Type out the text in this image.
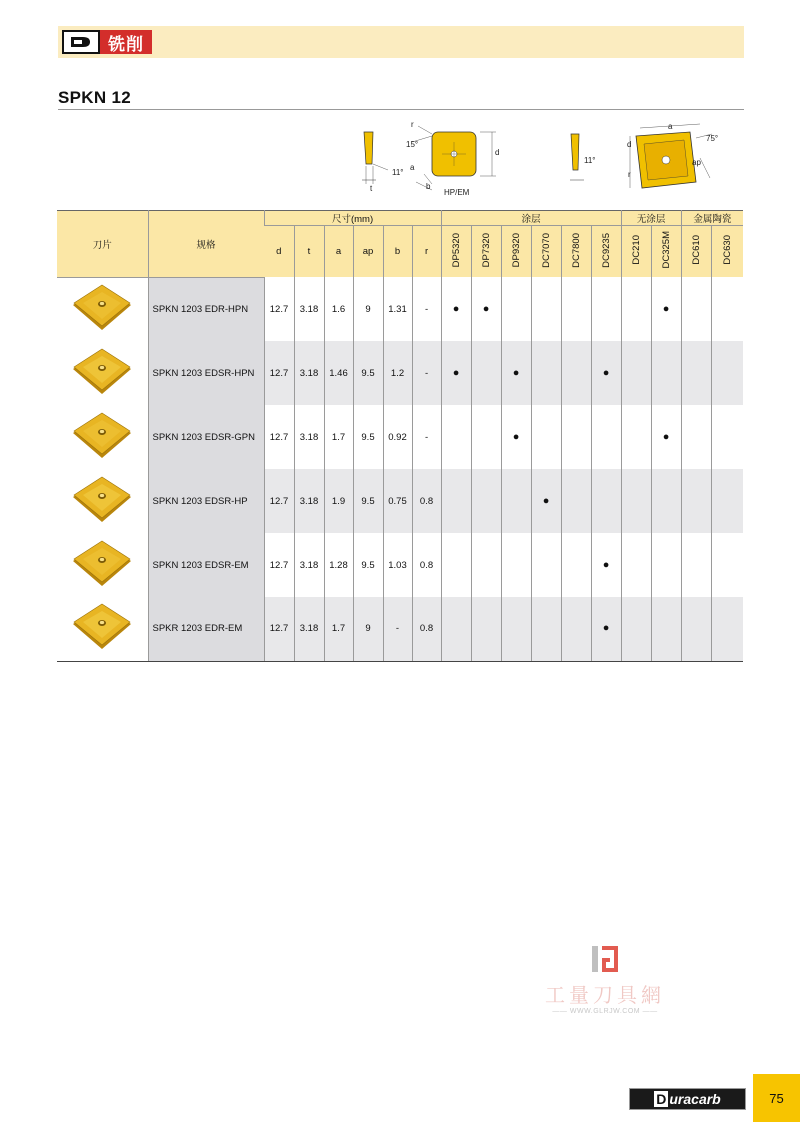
铣削
SPKN 12
r
15°
11°
t
a
b
d
HP/EM
11°
a
75°
d
ap
r
刀片	规格	尺寸(mm)						涂层						无涂层		金属陶瓷	
		d	t	a	ap	b	r	DP5320	DP7320	DP9320	DC7070	DC7800	DC9235	DC210	DC325M	DC610	DC630
	SPKN 1203 EDR-HPN	12.7	3.18	1.6	9	1.31	-	●	●						●		
	SPKN 1203 EDSR-HPN	12.7	3.18	1.46	9.5	1.2	-	●		●			●				
	SPKN 1203 EDSR-GPN	12.7	3.18	1.7	9.5	0.92	-			●					●		
	SPKN 1203 EDSR-HP	12.7	3.18	1.9	9.5	0.75	0.8				●						
	SPKN 1203 EDSR-EM	12.7	3.18	1.28	9.5	1.03	0.8						●				
	SPKR 1203 EDR-EM	12.7	3.18	1.7	9	-	0.8						●				
工量刀具網
—— WWW.GLRJW.COM ——
D uracarb	75
